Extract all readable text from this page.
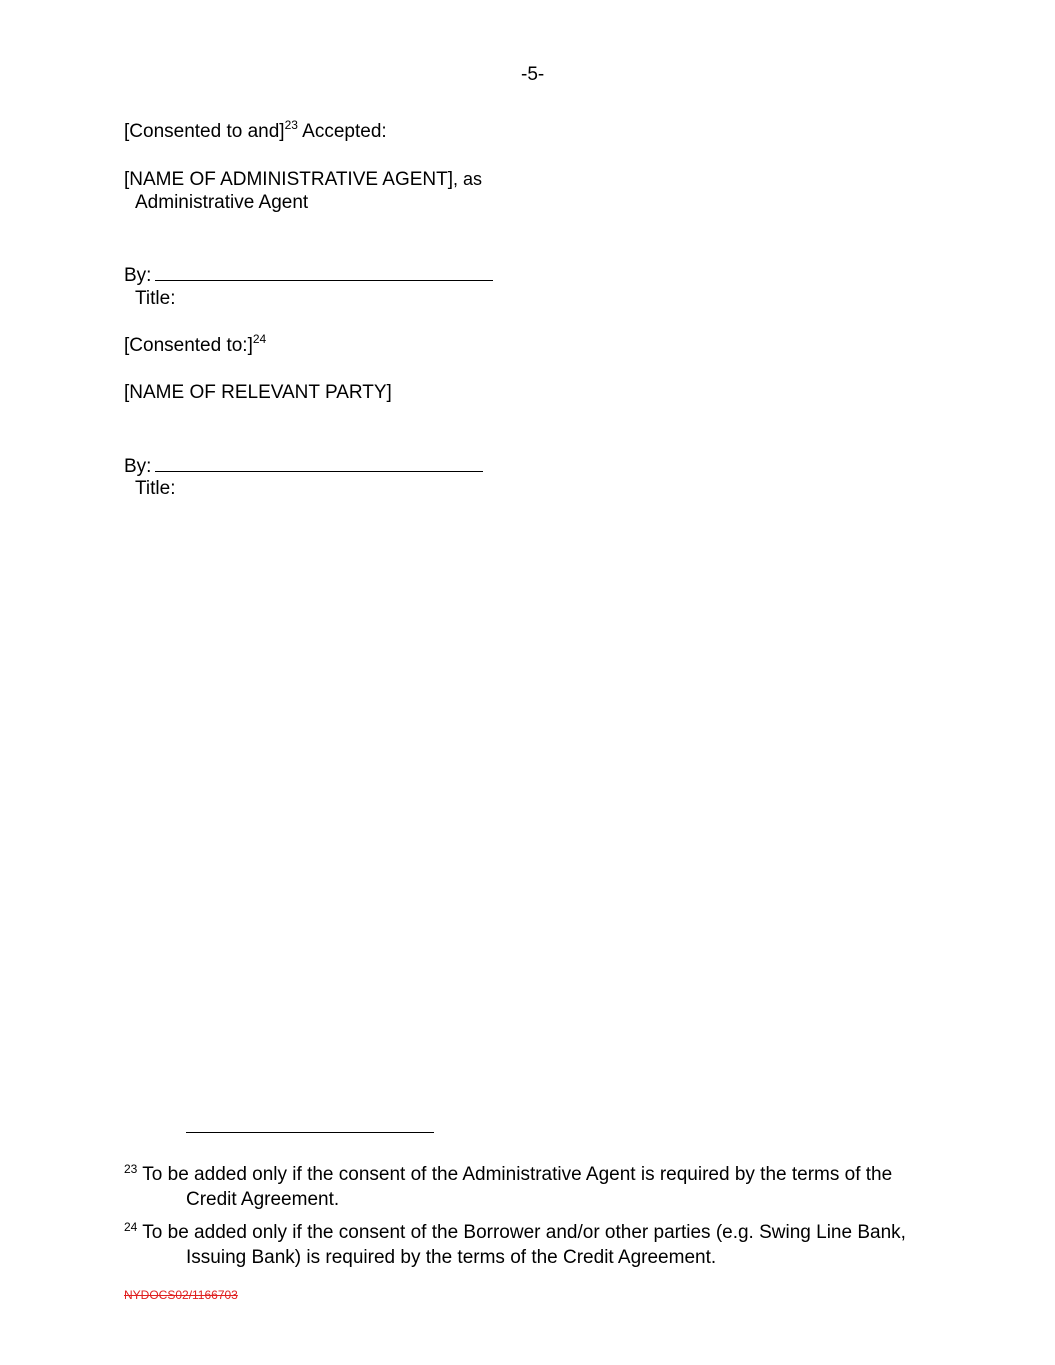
-5-
[Consented to and]$^{23}$ Accepted:
[NAME OF ADMINISTRATIVE AGENT], as
Administrative Agent
By:
Title:
[Consented to:]$^{24}$
[NAME OF RELEVANT PARTY]
By:
Title:
$^{23}$ To be added only if the consent of the Administrative Agent is required by the terms of the Credit Agreement.
$^{24}$ To be added only if the consent of the Borrower and/or other parties (e.g. Swing Line Bank, Issuing Bank) is required by the terms of the Credit Agreement.
NYDOCS02/1166703
